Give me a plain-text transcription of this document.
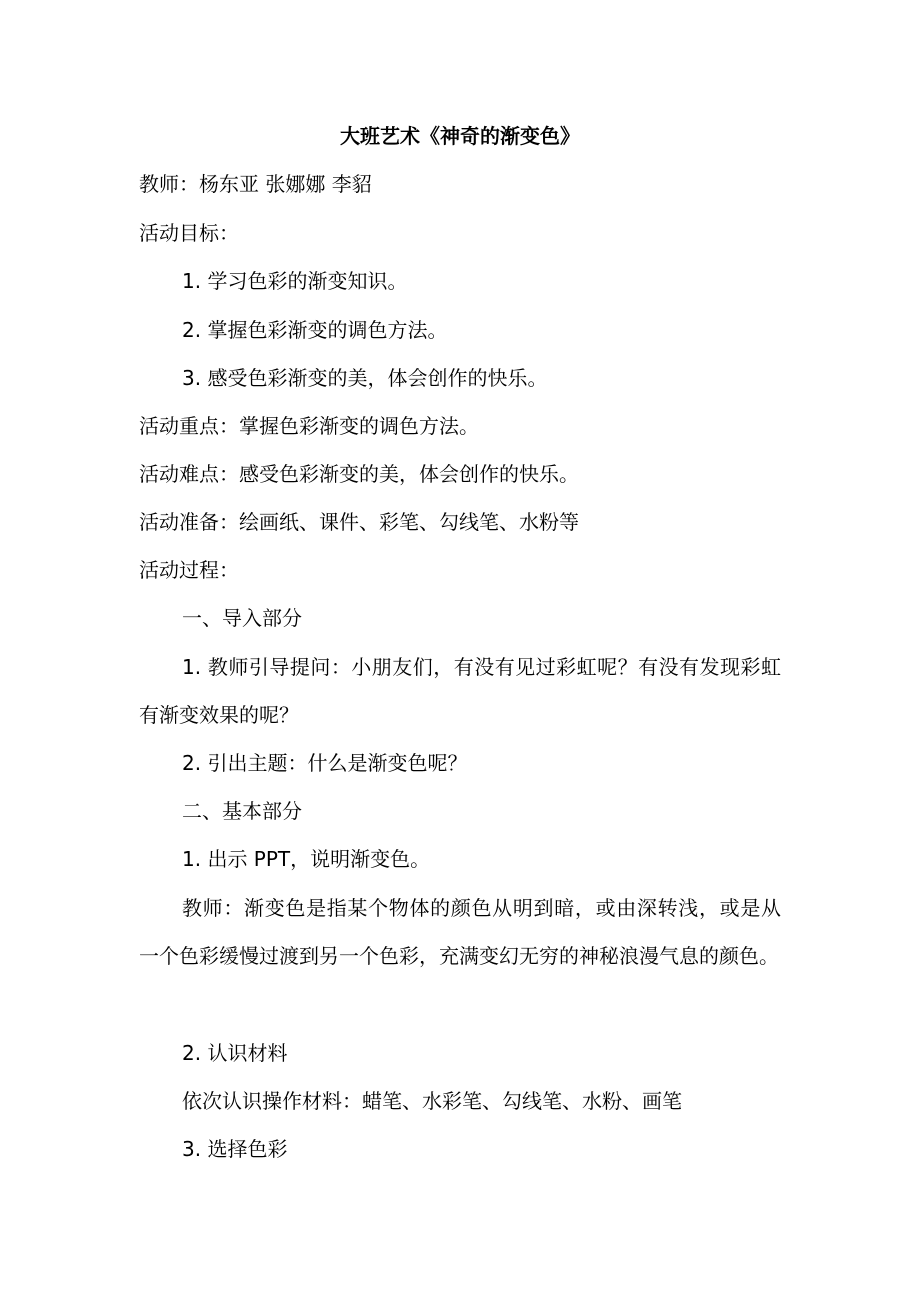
大班艺术《神奇的渐变色》
教师：杨东亚 张娜娜 李貂
活动目标：
1. 学习色彩的渐变知识。
2. 掌握色彩渐变的调色方法。
3. 感受色彩渐变的美，体会创作的快乐。
活动重点：掌握色彩渐变的调色方法。
活动难点：感受色彩渐变的美，体会创作的快乐。
活动准备：绘画纸、课件、彩笔、勾线笔、水粉等
活动过程：
一、导入部分
1. 教师引导提问：小朋友们，有没有见过彩虹呢？有没有发现彩虹有渐变效果的呢？
2. 引出主题：什么是渐变色呢？
二、基本部分
1. 出示 PPT，说明渐变色。
教师：渐变色是指某个物体的颜色从明到暗，或由深转浅，或是从一个色彩缓慢过渡到另一个色彩，充满变幻无穷的神秘浪漫气息的颜色。
2. 认识材料
依次认识操作材料：蜡笔、水彩笔、勾线笔、水粉、画笔
3. 选择色彩
